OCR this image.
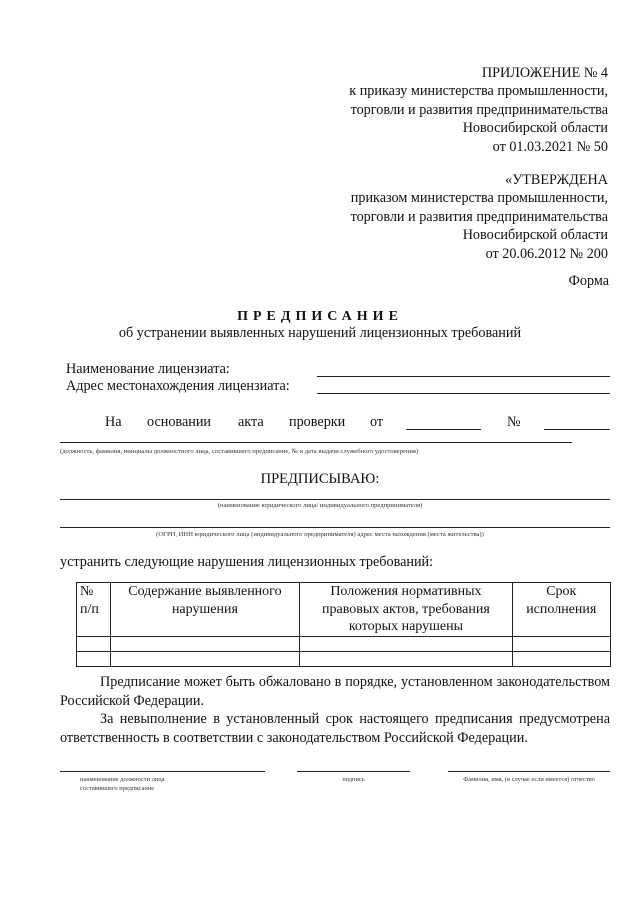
ПРИЛОЖЕНИЕ № 4
к приказу министерства промышленности,
торговли и развития предпринимательства
Новосибирской области
от 01.03.2021 № 50
«УТВЕРЖДЕНА
приказом министерства промышленности,
торговли и развития предпринимательства
Новосибирской области
от 20.06.2012 № 200
Форма
ПРЕДПИСАНИЕ
об устранении выявленных нарушений лицензионных требований
Наименование лицензиата:
Адрес местонахождения лицензиата:
На основании акта проверки от	№
(должность, фамилия, инициалы должностного лица, составившего предписание, № и дата выдачи служебного удостоверения)
ПРЕДПИСЫВАЮ:
(наименование юридического лица/ индивидуального предпринимателя)
(ОГРН, ИНН юридического лица (индивидуального предпринимателя) адрес места нахождения (места жительства))
устранить следующие нарушения лицензионных требований:
№ п/п	Содержание выявленного нарушения	Положения нормативных правовых актов, требования которых нарушены	Срок исполнения

Предписание может быть обжаловано в порядке, установленном законодательством Российской Федерации.
За невыполнение в установленный срок настоящего предписания предусмотрена ответственность в соответствии с законодательством Российской Федерации.
наименование должности лица составившего предписание
подпись	Фамилия, имя, (в случае если имеется) отчество
